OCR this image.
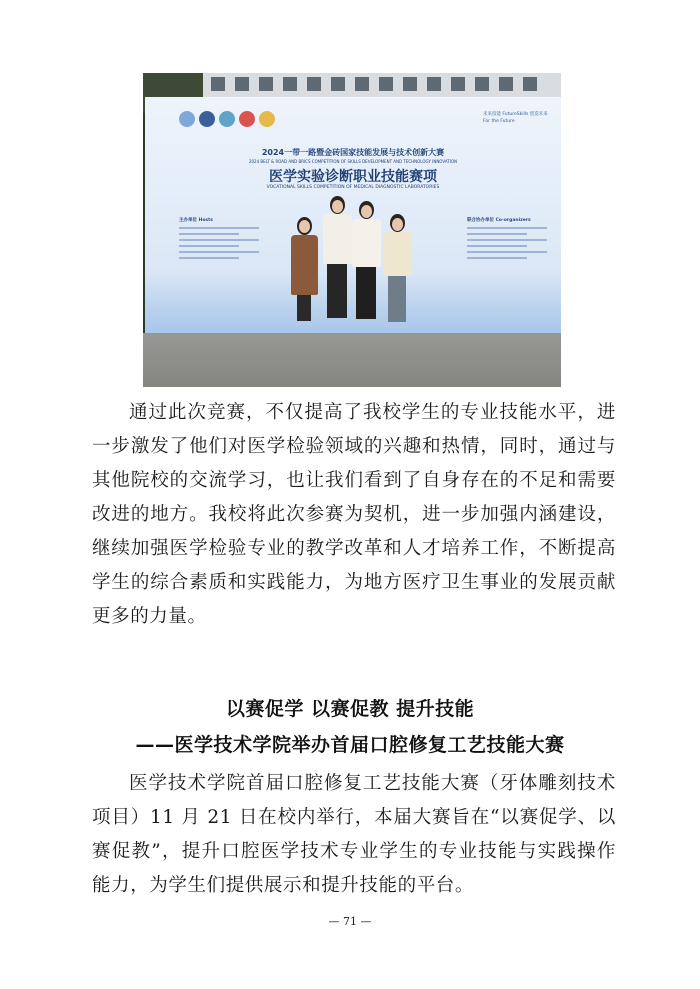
未来技能 FutureSkills 创造未来 For the Future
2024一带一路暨金砖国家技能发展与技术创新大赛
2024 BELT & ROAD AND BRICS COMPETITION OF SKILLS DEVELOPMENT AND TECHNOLOGY INNOVATION
医学实验诊断职业技能赛项
VOCATIONAL SKILLS COMPETITION OF MEDICAL DIAGNOSTIC LABORATORIES
主办单位 Hosts	联合协办单位 Co-organizers

通过此次竞赛，不仅提高了我校学生的专业技能水平，进一步激发了他们对医学检验领域的兴趣和热情，同时，通过与其他院校的交流学习，也让我们看到了自身存在的不足和需要改进的地方。我校将此次参赛为契机，进一步加强内涵建设，继续加强医学检验专业的教学改革和人才培养工作，不断提高学生的综合素质和实践能力，为地方医疗卫生事业的发展贡献更多的力量。

以赛促学 以赛促教 提升技能
——医学技术学院举办首届口腔修复工艺技能大赛

医学技术学院首届口腔修复工艺技能大赛（牙体雕刻技术项目）11 月 21 日在校内举行，本届大赛旨在“以赛促学、以赛促教”，提升口腔医学技术专业学生的专业技能与实践操作能力，为学生们提供展示和提升技能的平台。

— 71 —
